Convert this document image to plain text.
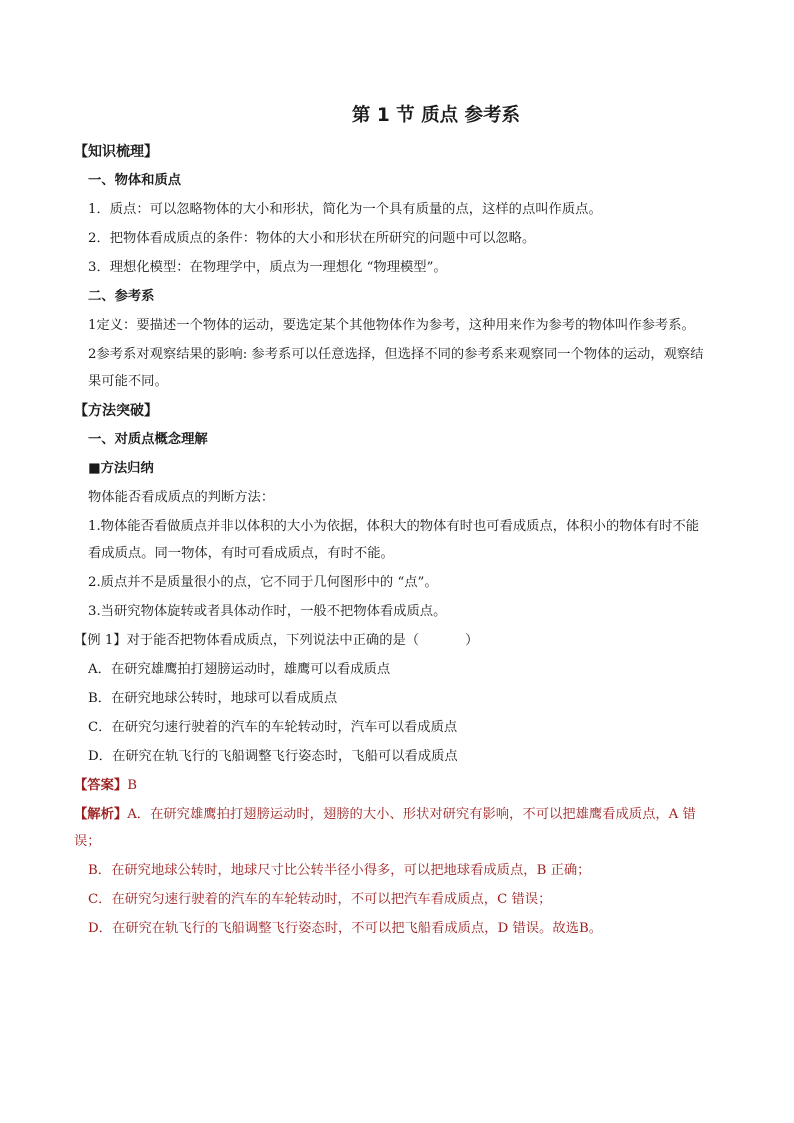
第 1 节 质点 参考系

【知识梳理】

一、物体和质点

1．质点：可以忽略物体的大小和形状，简化为一个具有质量的点，这样的点叫作质点。

2．把物体看成质点的条件：物体的大小和形状在所研究的问题中可以忽略。

3．理想化模型：在物理学中，质点为一理想化 “物理模型”。

二、参考系

1定义：要描述一个物体的运动，要选定某个其他物体作为参考，这种用来作为参考的物体叫作参考系。

2参考系对观察结果的影响: 参考系可以任意选择，但选择不同的参考系来观察同一个物体的运动，观察结

果可能不同。

【方法突破】

一、对质点概念理解

■方法归纳

物体能否看成质点的判断方法：

1.物体能否看做质点并非以体积的大小为依据，体积大的物体有时也可看成质点，体积小的物体有时不能

看成质点。同一物体，有时可看成质点，有时不能。

2.质点并不是质量很小的点，它不同于几何图形中的 “点”。

3.当研究物体旋转或者具体动作时，一般不把物体看成质点。

【例 1】对于能否把物体看成质点，下列说法中正确的是（	）

A．在研究雄鹰拍打翅膀运动时，雄鹰可以看成质点

B．在研究地球公转时，地球可以看成质点

C．在研究匀速行驶着的汽车的车轮转动时，汽车可以看成质点

D．在研究在轨飞行的飞船调整飞行姿态时，飞船可以看成质点

【答案】B

【解析】A．在研究雄鹰拍打翅膀运动时，翅膀的大小、形状对研究有影响，不可以把雄鹰看成质点，A 错

误；

B．在研究地球公转时，地球尺寸比公转半径小得多，可以把地球看成质点，B 正确；

C．在研究匀速行驶着的汽车的车轮转动时，不可以把汽车看成质点，C 错误；

D．在研究在轨飞行的飞船调整飞行姿态时，不可以把飞船看成质点，D 错误。故选B。
